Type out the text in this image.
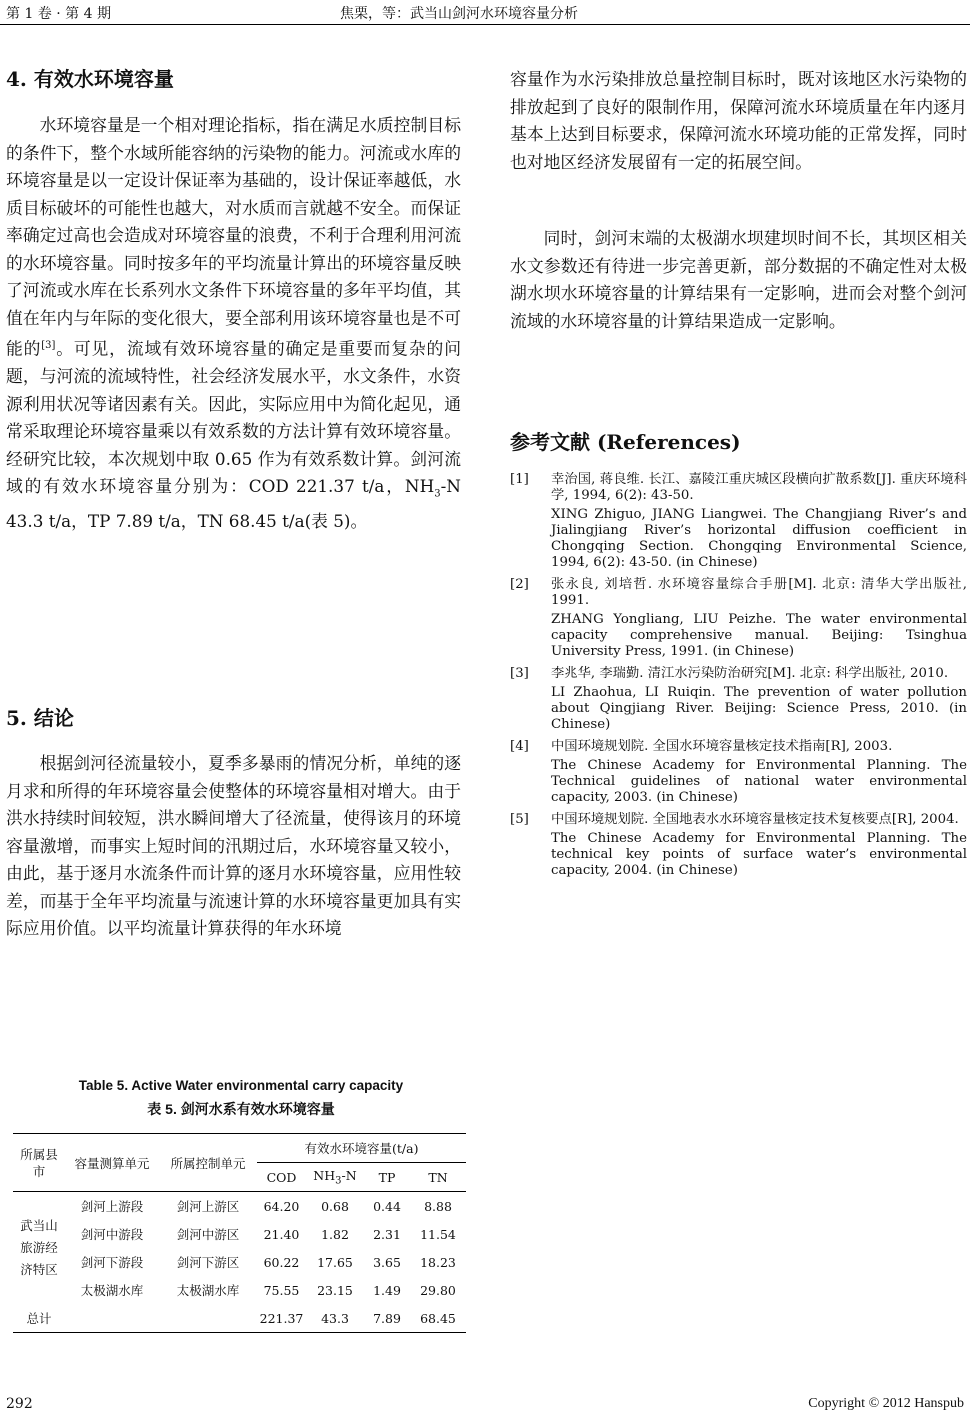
第 1 卷 · 第 4 期	焦栗，等：武当山剑河水环境容量分析
4. 有效水环境容量

水环境容量是一个相对理论指标，指在满足水质控制目标的条件下，整个水域所能容纳的污染物的能力。河流或水库的环境容量是以一定设计保证率为基础的，设计保证率越低，水质目标破坏的可能性也越大，对水质而言就越不安全。而保证率确定过高也会造成对环境容量的浪费，不利于合理利用河流的水环境容量。同时按多年的平均流量计算出的环境容量反映了河流或水库在长系列水文条件下环境容量的多年平均值，其值在年内与年际的变化很大，要全部利用该环境容量也是不可能的[3]。可见，流域有效环境容量的确定是重要而复杂的问题，与河流的流域特性，社会经济发展水平，水文条件，水资源利用状况等诸因素有关。因此，实际应用中为简化起见，通常采取理论环境容量乘以有效系数的方法计算有效环境容量。经研究比较，本次规划中取 0.65 作为有效系数计算。剑河流域的有效水环境容量分别为：COD 221.37 t/a，$NH_3-N$ 43.3 t/a，TP 7.89 t/a，TN 68.45 t/a(表 5)。

5. 结论

根据剑河径流量较小，夏季多暴雨的情况分析，单纯的逐月求和所得的年环境容量会使整体的环境容量相对增大。由于洪水持续时间较短，洪水瞬间增大了径流量，使得该月的环境容量激增，而事实上短时间的汛期过后，水环境容量又较小，由此，基于逐月水流条件而计算的逐月水环境容量，应用性较差，而基于全年平均流量与流速计算的水环境容量更加具有实际应用价值。以平均流量计算获得的年水环境

Table 5. Active Water environmental carry capacity
表 5. 剑河水系有效水环境容量
所属县市	容量测算单元	所属控制单元	有效水环境容量(t/a)			
			COD	$NH_3-N$	TP	TN
武当山旅游经济特区	剑河上游段	剑河上游区	64.20	0.68	0.44	8.88
	剑河中游段	剑河中游区	21.40	1.82	2.31	11.54
	剑河下游段	剑河下游区	60.22	17.65	3.65	18.23
	太极湖水库	太极湖水库	75.55	23.15	1.49	29.80
总计			221.37	43.3	7.89	68.45

容量作为水污染排放总量控制目标时，既对该地区水污染物的排放起到了良好的限制作用，保障河流水环境质量在年内逐月基本上达到目标要求，保障河流水环境功能的正常发挥，同时也对地区经济发展留有一定的拓展空间。

同时，剑河末端的太极湖水坝建坝时间不长，其坝区相关水文参数还有待进一步完善更新，部分数据的不确定性对太极湖水坝水环境容量的计算结果有一定影响，进而会对整个剑河流域的水环境容量的计算结果造成一定影响。

参考文献 (References)
[1] 幸治国, 蒋良维. 长江、嘉陵江重庆城区段横向扩散系数[J]. 重庆环境科学, 1994, 6(2): 43-50.
XING Zhiguo, JIANG Liangwei. The Changjiang River’s and Jialingjiang River’s horizontal diffusion coefficient in Chongqing Section. Chongqing Environmental Science, 1994, 6(2): 43-50. (in Chinese)
[2] 张永良, 刘培哲. 水环境容量综合手册[M]. 北京: 清华大学出版社, 1991.
ZHANG Yongliang, LIU Peizhe. The water environmental capacity comprehensive manual. Beijing: Tsinghua University Press, 1991. (in Chinese)
[3] 李兆华, 李瑞勤. 清江水污染防治研究[M]. 北京: 科学出版社, 2010.
LI Zhaohua, LI Ruiqin. The prevention of water pollution about Qingjiang River. Beijing: Science Press, 2010. (in Chinese)
[4] 中国环境规划院. 全国水环境容量核定技术指南[R], 2003.
The Chinese Academy for Environmental Planning. The Technical guidelines of national water environmental capacity, 2003. (in Chinese)
[5] 中国环境规划院. 全国地表水水环境容量核定技术复核要点[R], 2004.
The Chinese Academy for Environmental Planning. The technical key points of surface water’s environmental capacity, 2004. (in Chinese)
292	Copyright © 2012 Hanspub
